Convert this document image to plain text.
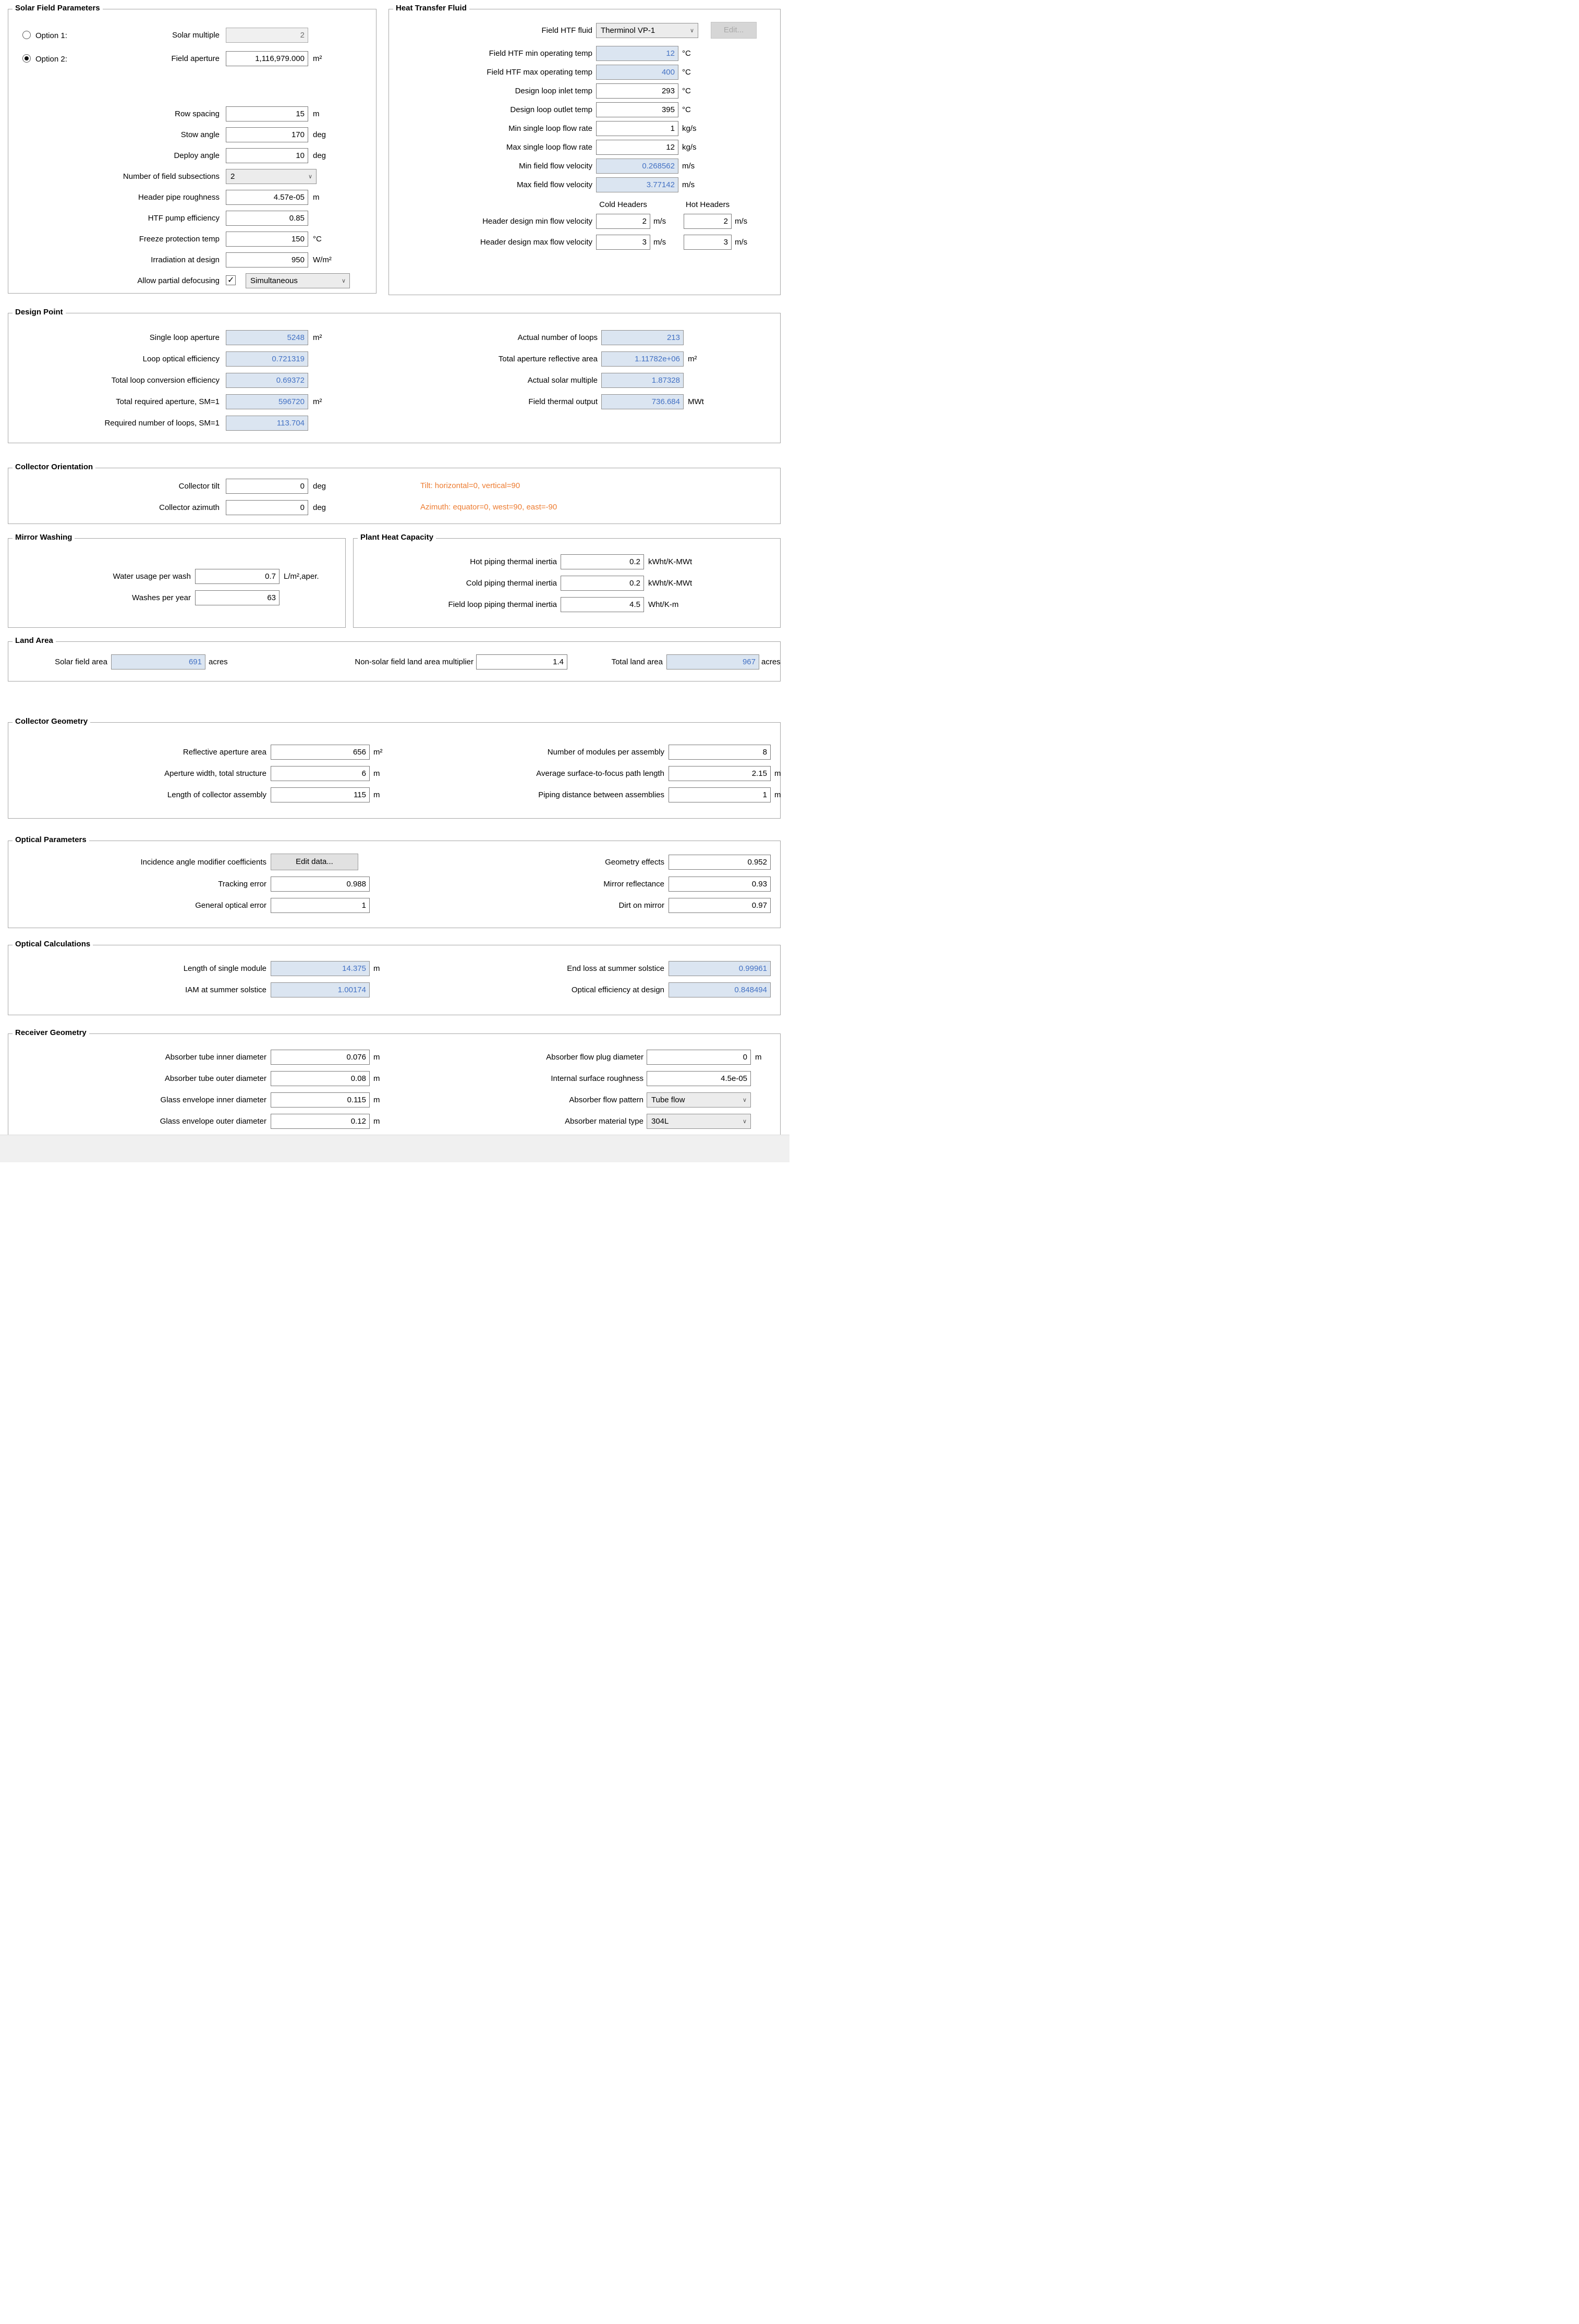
Solar Field Parameters
Option 1:
Option 2:
Solar multiple	2
Field aperture	1,116,979.000	m²
Row spacing	15	m
Stow angle	170	deg
Deploy angle	10	deg
Number of field subsections	2	∨
Header pipe roughness	4.57e-05	m
HTF pump efficiency	0.85
Freeze protection temp	150	°C
Irradiation at design	950	W/m²
Allow partial defocusing ✓	Simultaneous	∨
Heat Transfer Fluid
Field HTF fluid	Therminol VP-1	∨	Edit...
Field HTF min operating temp	12 °C
Field HTF max operating temp	400 °C
Design loop inlet temp	293 °C
Design loop outlet temp	395 °C
Min single loop flow rate	1 kg/s
Max single loop flow rate	12 kg/s
Min field flow velocity	0.268562 m/s
Max field flow velocity	3.77142 m/s
Cold Headers	Hot Headers
Header design min flow velocity	2 m/s	2 m/s
Header design max flow velocity	3 m/s	3 m/s
Design Point
Single loop aperture	5248	m²
Loop optical efficiency	0.721319
Total loop conversion efficiency	0.69372
Total required aperture, SM=1	596720	m²
Required number of loops, SM=1	113.704
Actual number of loops	213
Total aperture reflective area	1.11782e+06	m²
Actual solar multiple	1.87328
Field thermal output	736.684	MWt
Collector Orientation
Collector tilt	0	deg
Collector azimuth	0	deg
Tilt: horizontal=0, vertical=90
Azimuth: equator=0, west=90, east=-90
Mirror Washing
Water usage per wash	0.7	L/m²,aper.
Washes per year	63
Plant Heat Capacity
Hot piping thermal inertia	0.2	kWht/K-MWt
Cold piping thermal inertia	0.2	kWht/K-MWt
Field loop piping thermal inertia	4.5	Wht/K-m
Land Area
Solar field area	691 acres	Non-solar field land area multiplier	1.4	Total land area	967 acres
Collector Geometry
Reflective aperture area	656 m²
Aperture width, total structure	6 m
Length of collector assembly	115 m
Number of modules per assembly	8
Average surface-to-focus path length	2.15 m
Piping distance between assemblies	1 m
Optical Parameters
Incidence angle modifier coefficients	Edit data...
Tracking error	0.988
General optical error	1
Geometry effects	0.952
Mirror reflectance	0.93
Dirt on mirror	0.97
Optical Calculations
Length of single module	14.375 m
IAM at summer solstice	1.00174
End loss at summer solstice	0.99961
Optical efficiency at design	0.848494
Receiver Geometry
Absorber tube inner diameter	0.076 m
Absorber tube outer diameter	0.08 m
Glass envelope inner diameter	0.115 m
Glass envelope outer diameter	0.12 m
Absorber flow plug diameter	0	m
Internal surface roughness	4.5e-05
Absorber flow pattern	Tube flow	∨
Absorber material type	304L	∨
